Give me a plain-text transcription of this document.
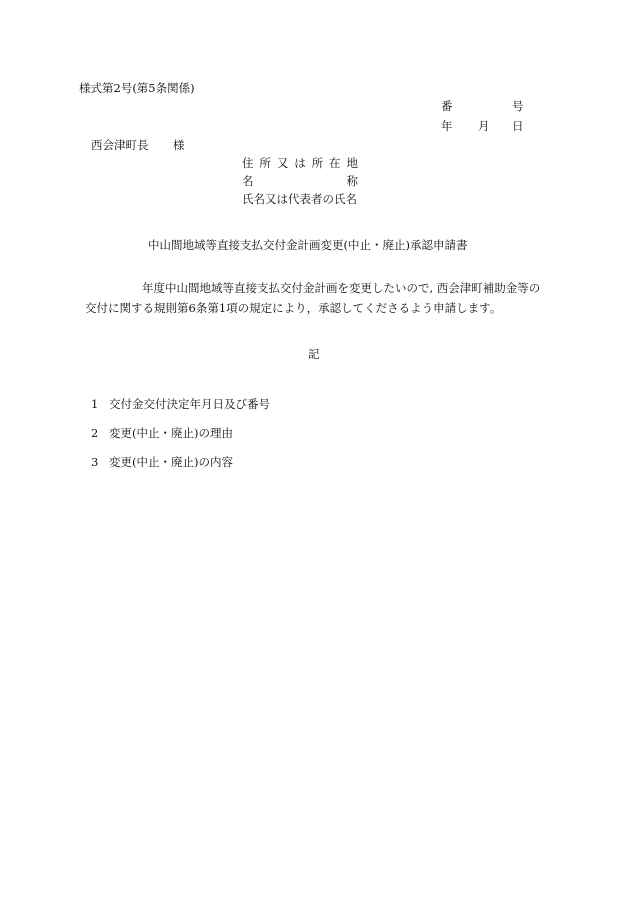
様式第2号(第5条関係)
番	号
年 月 日
西会津町長 様
住 所 又 は 所 在 地
名	称
氏名又は代表者の氏名
中山間地域等直接支払交付金計画変更(中止・廃止)承認申請書
年度中山間地域等直接支払交付金計画を変更したいので, 西会津町補助金等の
交付に関する規則第6条第1項の規定により，承認してくださるよう申請します。
記
1 交付金交付決定年月日及び番号
2 変更(中止・廃止)の理由
3 変更(中止・廃止)の内容
